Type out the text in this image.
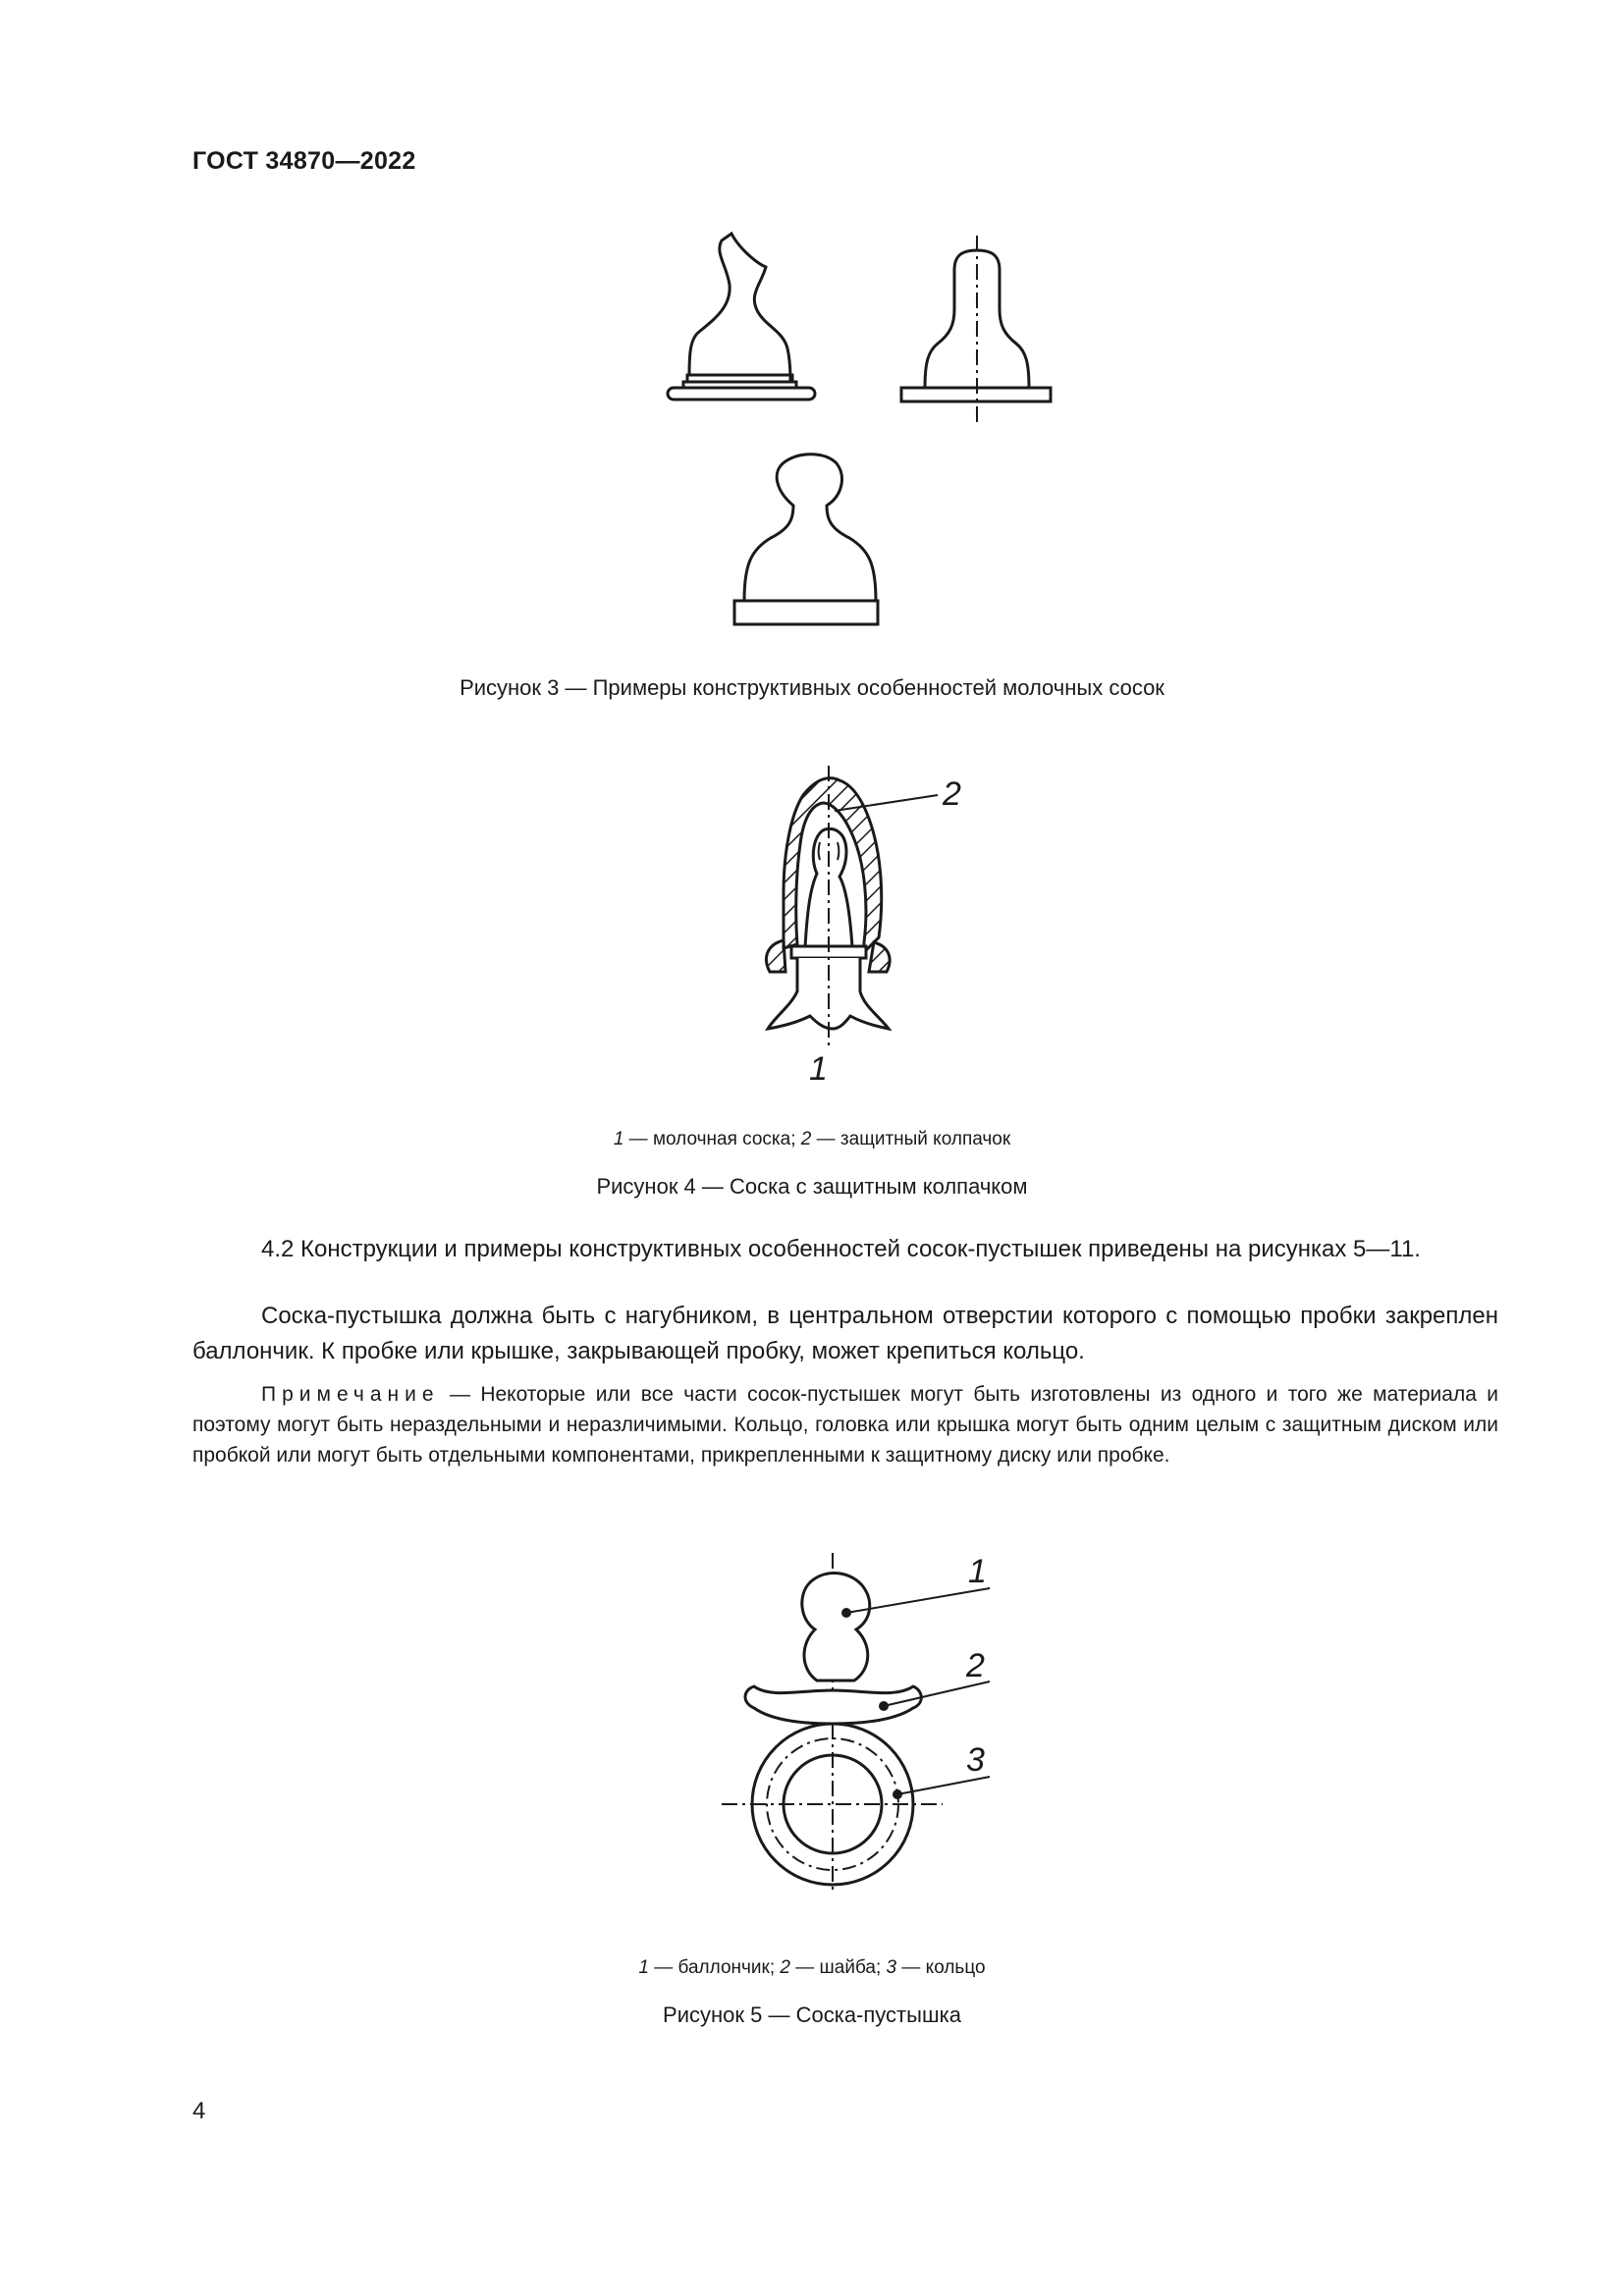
ГОСТ 34870—2022
2
1
1
2
3
Рисунок 3 — Примеры конструктивных особенностей молочных сосок
1 — молочная соска; 2 — защитный колпачок
Рисунок 4 — Соска с защитным колпачком
4.2 Конструкции и примеры конструктивных особенностей сосок-пустышек приведены на рисунках 5—11.
Соска-пустышка должна быть с нагубником, в центральном отверстии которого с помощью пробки закреплен баллончик. К пробке или крышке, закрывающей пробку, может крепиться кольцо.
Примечание — Некоторые или все части сосок-пустышек могут быть изготовлены из одного и того же материала и поэтому могут быть нераздельными и неразличимыми. Кольцо, головка или крышка могут быть одним целым с защитным диском или пробкой или могут быть отдельными компонентами, прикрепленными к защитному диску или пробке.
1 — баллончик; 2 — шайба; 3 — кольцо
Рисунок 5 — Соска-пустышка
4
